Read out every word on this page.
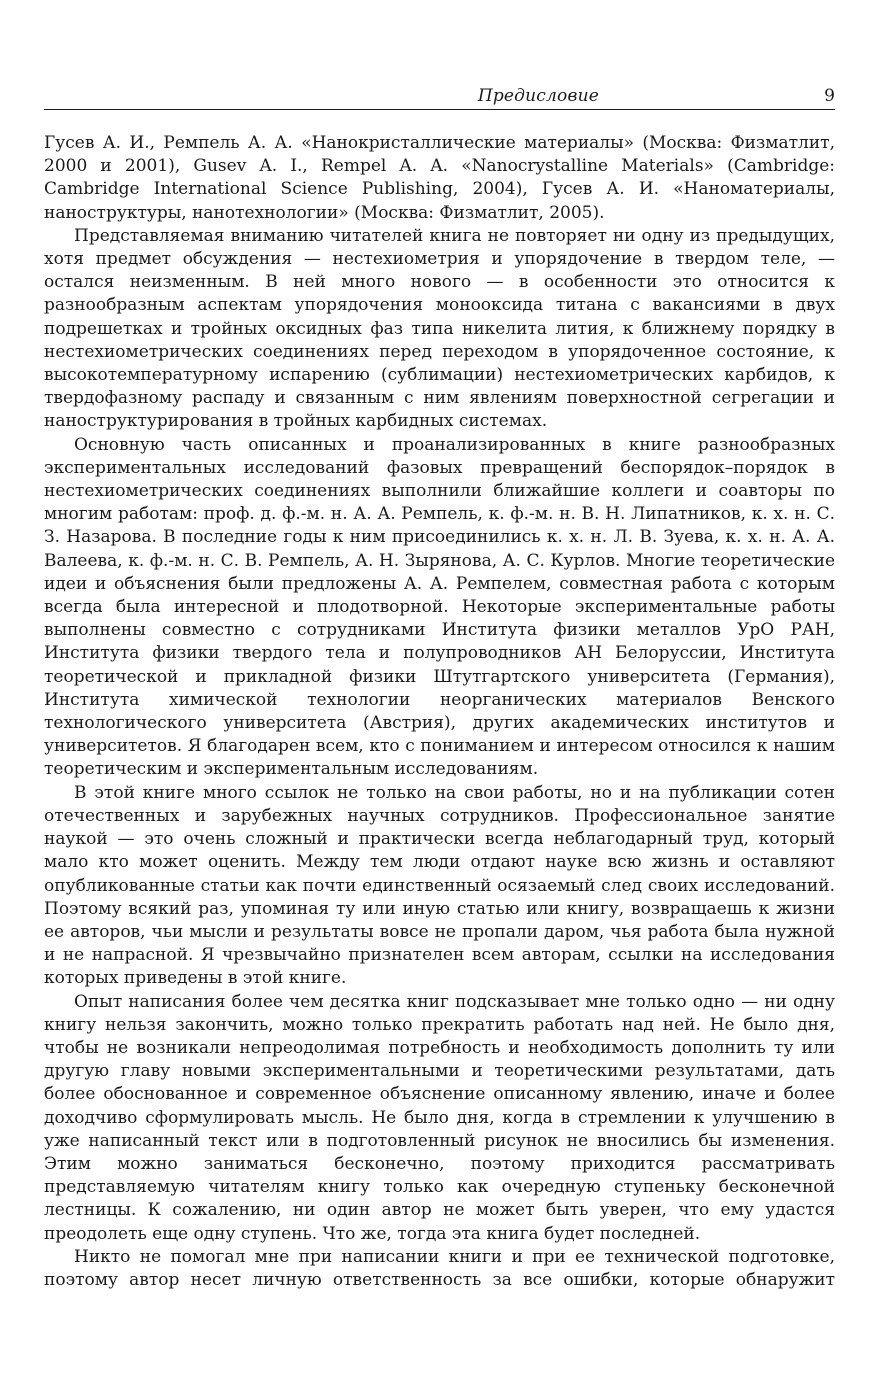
Предисловие	9

Гусев А. И., Ремпель А. А. «Нанокристаллические материалы» (Москва: Физматлит, 2000 и 2001), Gusev A. I., Rempel A. A. «Nanocrystalline Materials» (Cambridge: Cambridge International Science Publishing, 2004), Гусев А. И. «Наноматериалы, наноструктуры, нанотехнологии» (Москва: Физматлит, 2005).

Представляемая вниманию читателей книга не повторяет ни одну из предыдущих, хотя предмет обсуждения — нестехиометрия и упорядочение в твердом теле, — остался неизменным. В ней много нового — в особенности это относится к разнообразным аспектам упорядочения монооксида титана с вакансиями в двух подрешетках и тройных оксидных фаз типа никелита лития, к ближнему порядку в нестехиометрических соединениях перед переходом в упорядоченное состояние, к высокотемпературному испарению (сублимации) нестехиометрических карбидов, к твердофазному распаду и связанным с ним явлениям поверхностной сегрегации и наноструктурирования в тройных карбидных системах.

Основную часть описанных и проанализированных в книге разнообразных экспериментальных исследований фазовых превращений беспорядок–порядок в нестехиометрических соединениях выполнили ближайшие коллеги и соавторы по многим работам: проф. д. ф.-м. н. А. А. Ремпель, к. ф.-м. н. В. Н. Липатников, к. х. н. С. З. Назарова. В последние годы к ним присоединились к. х. н. Л. В. Зуева, к. х. н. А. А. Валеева, к. ф.-м. н. С. В. Ремпель, А. Н. Зырянова, А. С. Курлов. Многие теоретические идеи и объяснения были предложены А. А. Ремпелем, совместная работа с которым всегда была интересной и плодотворной. Некоторые экспериментальные работы выполнены совместно с сотрудниками Института физики металлов УрО РАН, Института физики твердого тела и полупроводников АН Белоруссии, Института теоретической и прикладной физики Штутгартского университета (Германия), Института химической технологии неорганических материалов Венского технологического университета (Австрия), других академических институтов и университетов. Я благодарен всем, кто с пониманием и интересом относился к нашим теоретическим и экспериментальным исследованиям.

В этой книге много ссылок не только на свои работы, но и на публикации сотен отечественных и зарубежных научных сотрудников. Профессиональное занятие наукой — это очень сложный и практически всегда неблагодарный труд, который мало кто может оценить. Между тем люди отдают науке всю жизнь и оставляют опубликованные статьи как почти единственный осязаемый след своих исследований. Поэтому всякий раз, упоминая ту или иную статью или книгу, возвращаешь к жизни ее авторов, чьи мысли и результаты вовсе не пропали даром, чья работа была нужной и не напрасной. Я чрезвычайно признателен всем авторам, ссылки на исследования которых приведены в этой книге.

Опыт написания более чем десятка книг подсказывает мне только одно — ни одну книгу нельзя закончить, можно только прекратить работать над ней. Не было дня, чтобы не возникали непреодолимая потребность и необходимость дополнить ту или другую главу новыми экспериментальными и теоретическими результатами, дать более обоснованное и современное объяснение описанному явлению, иначе и более доходчиво сформулировать мысль. Не было дня, когда в стремлении к улучшению в уже написанный текст или в подготовленный рисунок не вносились бы изменения. Этим можно заниматься бесконечно, поэтому приходится рассматривать представляемую читателям книгу только как очередную ступеньку бесконечной лестницы. К сожалению, ни один автор не может быть уверен, что ему удастся преодолеть еще одну ступень. Что же, тогда эта книга будет последней.

Никто не помогал мне при написании книги и при ее технической подготовке, поэтому автор несет личную ответственность за все ошибки, которые обнаружит
